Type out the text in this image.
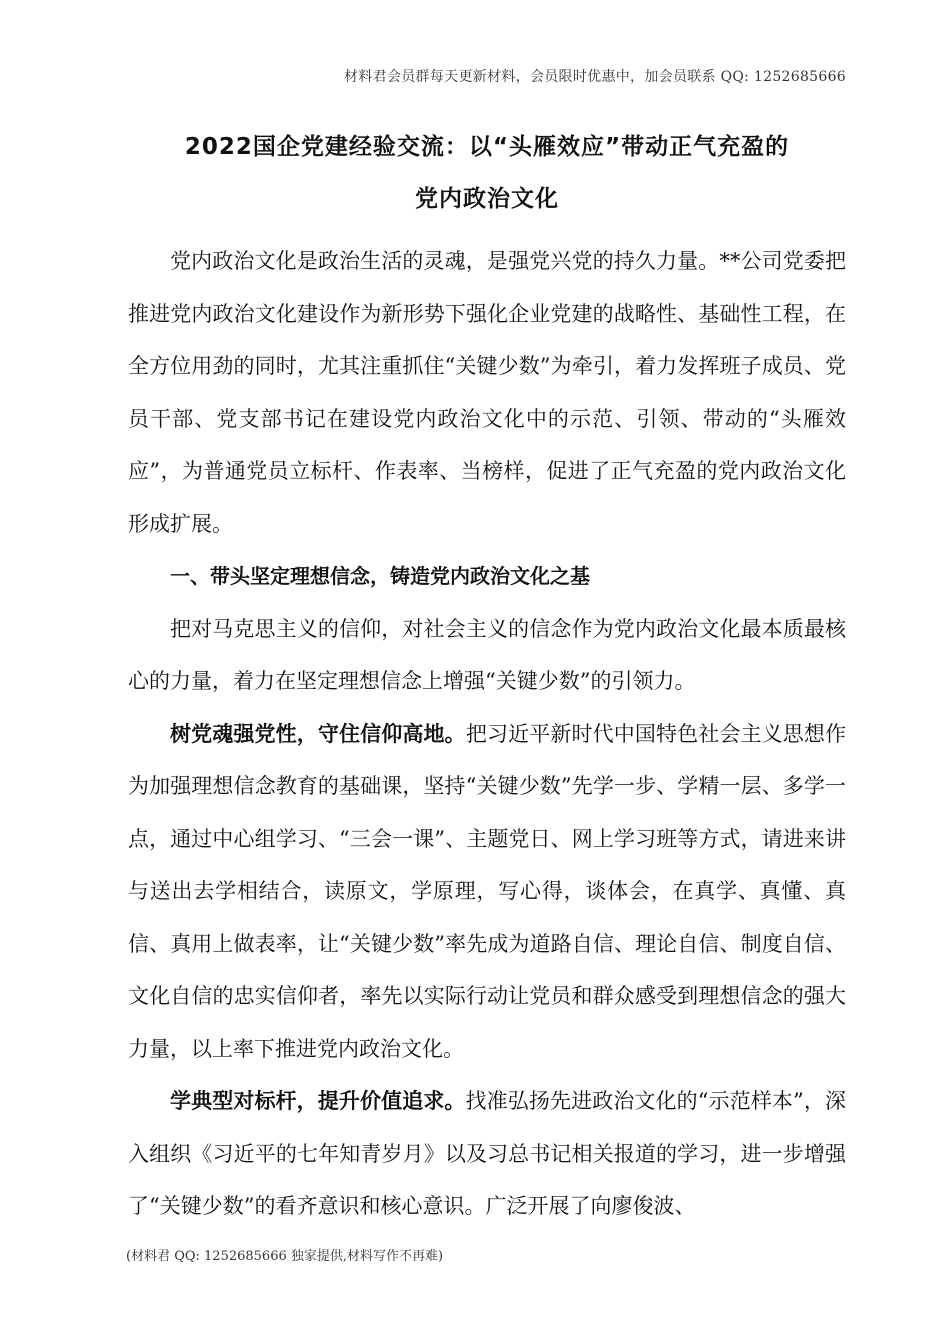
材料君会员群每天更新材料，会员限时优惠中，加会员联系 QQ: 1252685666
2022国企党建经验交流：以“头雁效应”带动正气充盈的
党内政治文化

党内政治文化是政治生活的灵魂，是强党兴党的持久力量。**公司党委把推进党内政治文化建设作为新形势下强化企业党建的战略性、基础性工程，在全方位用劲的同时，尤其注重抓住“关键少数”为牵引，着力发挥班子成员、党员干部、党支部书记在建设党内政治文化中的示范、引领、带动的“头雁效应”，为普通党员立标杆、作表率、当榜样，促进了正气充盈的党内政治文化形成扩展。

一、带头坚定理想信念，铸造党内政治文化之基

把对马克思主义的信仰，对社会主义的信念作为党内政治文化最本质最核心的力量，着力在坚定理想信念上增强“关键少数”的引领力。

树党魂强党性，守住信仰高地。把习近平新时代中国特色社会主义思想作为加强理想信念教育的基础课，坚持“关键少数”先学一步、学精一层、多学一点，通过中心组学习、“三会一课”、主题党日、网上学习班等方式，请进来讲与送出去学相结合，读原文，学原理，写心得，谈体会，在真学、真懂、真信、真用上做表率，让“关键少数”率先成为道路自信、理论自信、制度自信、文化自信的忠实信仰者，率先以实际行动让党员和群众感受到理想信念的强大力量，以上率下推进党内政治文化。

学典型对标杆，提升价值追求。找准弘扬先进政治文化的“示范样本”，深入组织《习近平的七年知青岁月》以及习总书记相关报道的学习，进一步增强了“关键少数”的看齐意识和核心意识。广泛开展了向廖俊波、

(材料君 QQ: 1252685666 独家提供,材料写作不再难)
